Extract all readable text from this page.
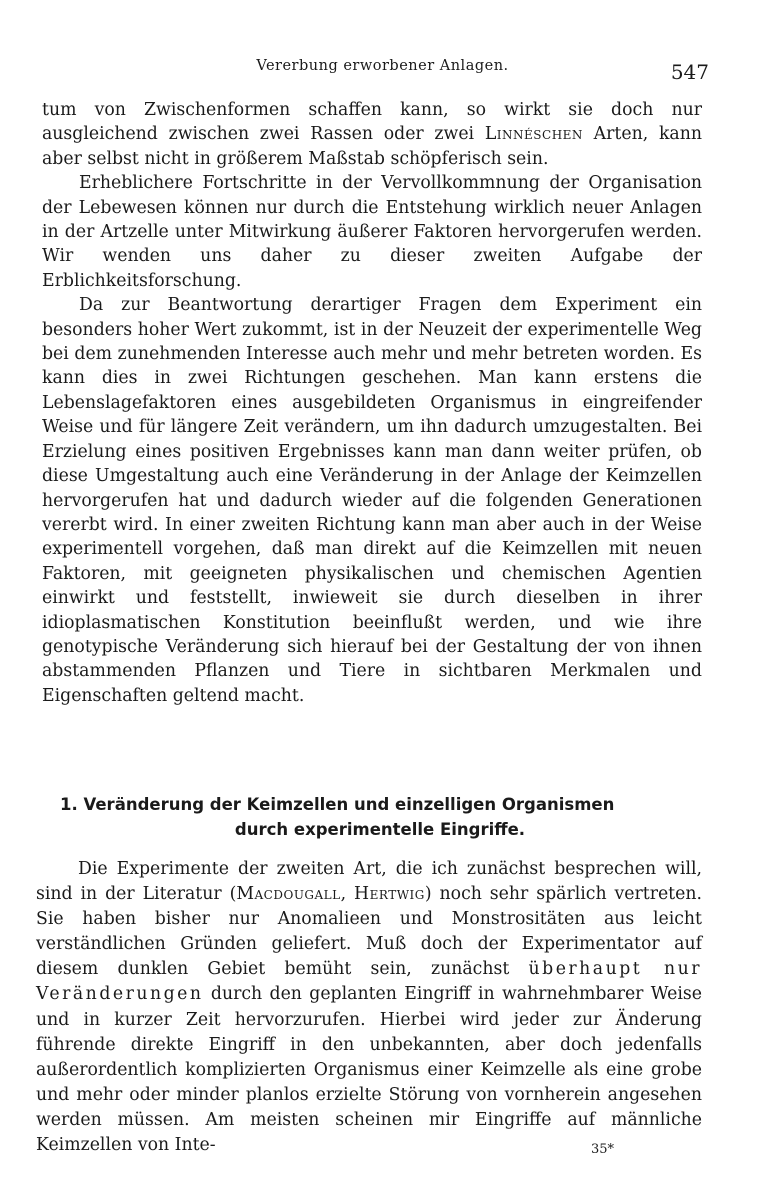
Vererbung erworbener Anlagen.	547

tum von Zwischenformen schaffen kann, so wirkt sie doch nur ausgleichend zwischen zwei Rassen oder zwei Linnéschen Arten, kann aber selbst nicht in größerem Maßstab schöpferisch sein.

Erheblichere Fortschritte in der Vervollkommnung der Organisation der Lebewesen können nur durch die Entstehung wirklich neuer Anlagen in der Artzelle unter Mitwirkung äußerer Faktoren hervorgerufen werden. Wir wenden uns daher zu dieser zweiten Aufgabe der Erblichkeitsforschung.

Da zur Beantwortung derartiger Fragen dem Experiment ein besonders hoher Wert zukommt, ist in der Neuzeit der experimentelle Weg bei dem zunehmenden Interesse auch mehr und mehr betreten worden. Es kann dies in zwei Richtungen geschehen. Man kann erstens die Lebenslagefaktoren eines ausgebildeten Organismus in eingreifender Weise und für längere Zeit verändern, um ihn dadurch umzugestalten. Bei Erzielung eines positiven Ergebnisses kann man dann weiter prüfen, ob diese Umgestaltung auch eine Veränderung in der Anlage der Keimzellen hervorgerufen hat und dadurch wieder auf die folgenden Generationen vererbt wird. In einer zweiten Richtung kann man aber auch in der Weise experimentell vorgehen, daß man direkt auf die Keimzellen mit neuen Faktoren, mit geeigneten physikalischen und chemischen Agentien einwirkt und feststellt, inwieweit sie durch dieselben in ihrer idioplasmatischen Konstitution beeinflußt werden, und wie ihre genotypische Veränderung sich hierauf bei der Gestaltung der von ihnen abstammenden Pflanzen und Tiere in sichtbaren Merkmalen und Eigenschaften geltend macht.

1. Veränderung der Keimzellen und einzelligen Organismen
durch experimentelle Eingriffe.

Die Experimente der zweiten Art, die ich zunächst besprechen will, sind in der Literatur (Macdougall, Hertwig) noch sehr spärlich vertreten. Sie haben bisher nur Anomalieen und Monstrositäten aus leicht verständlichen Gründen geliefert. Muß doch der Experimentator auf diesem dunklen Gebiet bemüht sein, zunächst überhaupt nur Veränderungen durch den geplanten Eingriff in wahrnehmbarer Weise und in kurzer Zeit hervorzurufen. Hierbei wird jeder zur Änderung führende direkte Eingriff in den unbekannten, aber doch jedenfalls außerordentlich komplizierten Organismus einer Keimzelle als eine grobe und mehr oder minder planlos erzielte Störung von vornherein angesehen werden müssen. Am meisten scheinen mir Eingriffe auf männliche Keimzellen von Inte-	35*
